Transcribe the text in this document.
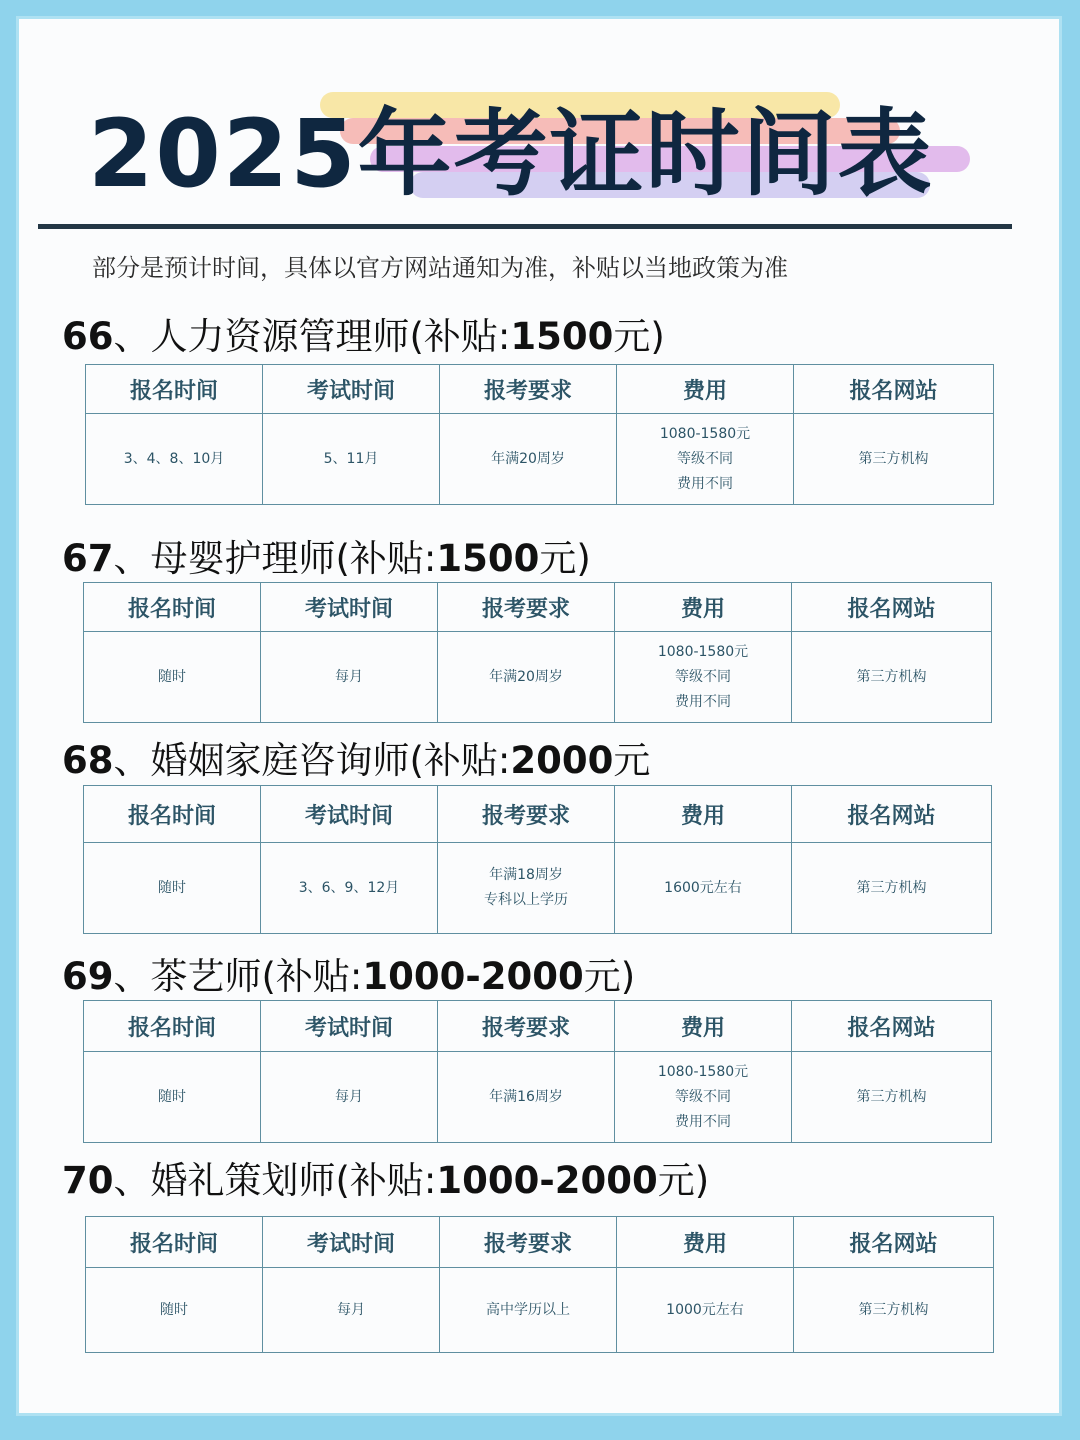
2025年考证时间表
部分是预计时间，具体以官方网站通知为准，补贴以当地政策为准
66、人力资源管理师(补贴:1500元)
报名时间	考试时间	报考要求	费用	报名网站

3、4、8、10月	5、11月	年满20周岁	1080-1580元
等级不同
费用不同	第三方机构
67、母婴护理师(补贴:1500元)
报名时间	考试时间	报考要求	费用	报名网站

随时	每月	年满20周岁	1080-1580元
等级不同
费用不同	第三方机构
68、婚姻家庭咨询师(补贴:2000元
报名时间	考试时间	报考要求	费用	报名网站

随时	3、6、9、12月	年满18周岁
专科以上学历	1600元左右	第三方机构
69、茶艺师(补贴:1000-2000元)
报名时间	考试时间	报考要求	费用	报名网站

随时	每月	年满16周岁	1080-1580元
等级不同
费用不同	第三方机构
70、婚礼策划师(补贴:1000-2000元)
报名时间	考试时间	报考要求	费用	报名网站

随时	每月	高中学历以上	1000元左右	第三方机构
